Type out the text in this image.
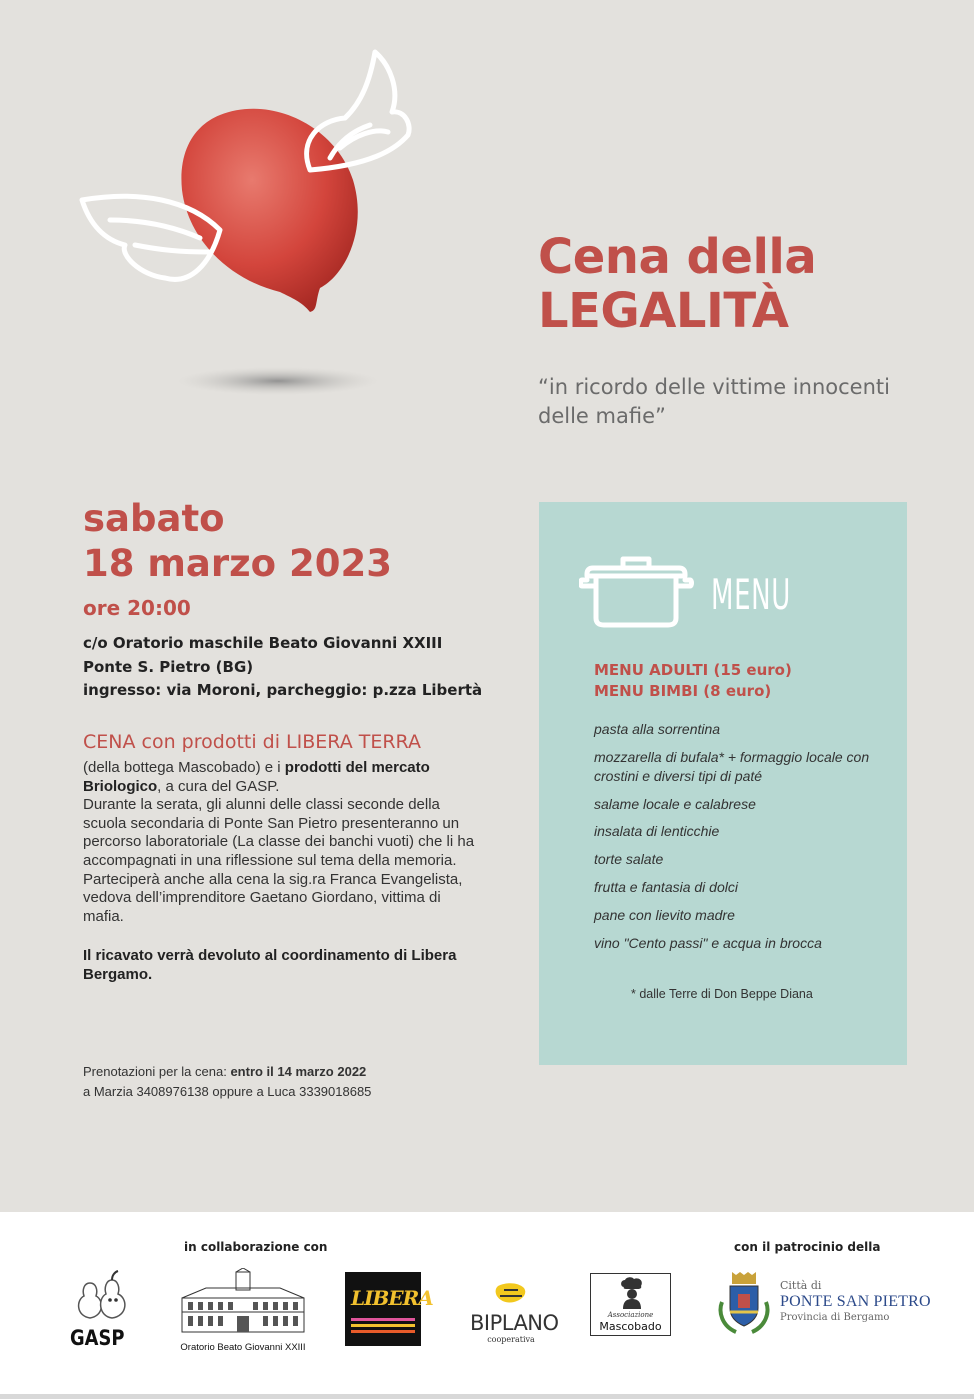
Cena della
LEGALITÀ
“in ricordo delle vittime innocenti
delle mafie”
sabato
18 marzo 2023
ore 20:00
c/o Oratorio maschile Beato Giovanni XXIII
Ponte S. Pietro (BG)
ingresso: via Moroni, parcheggio: p.zza Libertà
CENA con prodotti di LIBERA TERRA
(della bottega Mascobado) e i prodotti del mercato Briologico, a cura del GASP.
Durante la serata, gli alunni delle classi seconde della scuola secondaria di Ponte San Pietro presenteranno un percorso laboratoriale (La classe dei banchi vuoti) che li ha accompagnati in una riflessione sul tema della memoria. Parteciperà anche alla cena la sig.ra Franca Evangelista, vedova dell’imprenditore Gaetano Giordano, vittima di mafia.
Il ricavato verrà devoluto al coordinamento di Libera Bergamo.
Prenotazioni per la cena: entro il 14 marzo 2022
a Marzia 3408976138 oppure a Luca 3339018685
MENU
MENU ADULTI (15 euro)
MENU BIMBI (8 euro)
pasta alla sorrentina
mozzarella di bufala* + formaggio locale con crostini e diversi tipi di paté
salame locale e calabrese
insalata di lenticchie
torte salate
frutta e fantasia di dolci
pane con lievito madre
vino "Cento passi" e acqua in brocca
* dalle Terre di Don Beppe Diana
in collaborazione con	con il patrocinio della
GASP	Oratorio Beato Giovanni XXIII
LIBERA
BIPLANO
cooperativa
Associazione
Mascobado
Città di
PONTE SAN PIETRO
Provincia di Bergamo
